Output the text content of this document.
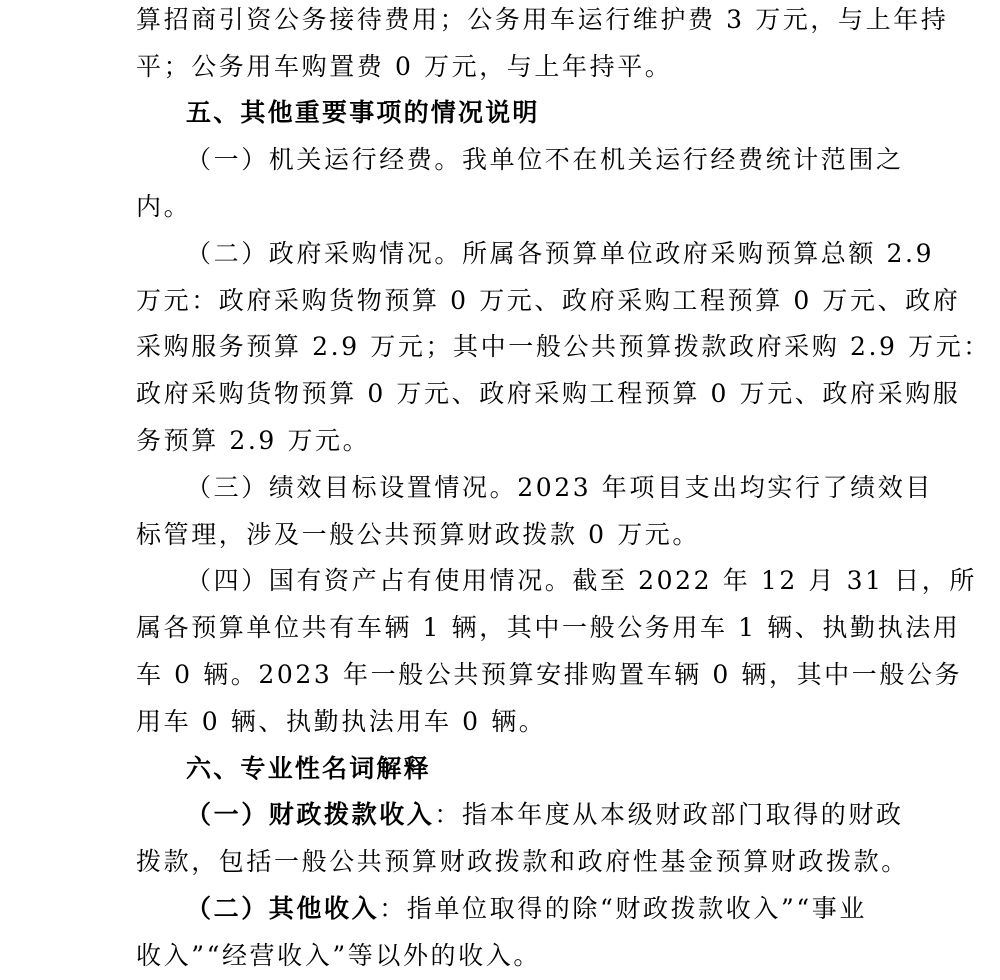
算招商引资公务接待费用；公务用车运行维护费 3 万元，与上年持
平；公务用车购置费 0 万元，与上年持平。
五、其他重要事项的情况说明
（一）机关运行经费。我单位不在机关运行经费统计范围之
内。
（二）政府采购情况。所属各预算单位政府采购预算总额 2.9
万元：政府采购货物预算 0 万元、政府采购工程预算 0 万元、政府
采购服务预算 2.9 万元；其中一般公共预算拨款政府采购 2.9 万元：
政府采购货物预算 0 万元、政府采购工程预算 0 万元、政府采购服
务预算 2.9 万元。
（三）绩效目标设置情况。2023 年项目支出均实行了绩效目
标管理，涉及一般公共预算财政拨款 0 万元。
（四）国有资产占有使用情况。截至 2022 年 12 月 31 日，所
属各预算单位共有车辆 1 辆，其中一般公务用车 1 辆、执勤执法用
车 0 辆。2023 年一般公共预算安排购置车辆 0 辆，其中一般公务
用车 0 辆、执勤执法用车 0 辆。
六、专业性名词解释
（一）财政拨款收入：指本年度从本级财政部门取得的财政
拨款，包括一般公共预算财政拨款和政府性基金预算财政拨款。
（二）其他收入：指单位取得的除“财政拨款收入”“事业
收入”“经营收入”等以外的收入。
